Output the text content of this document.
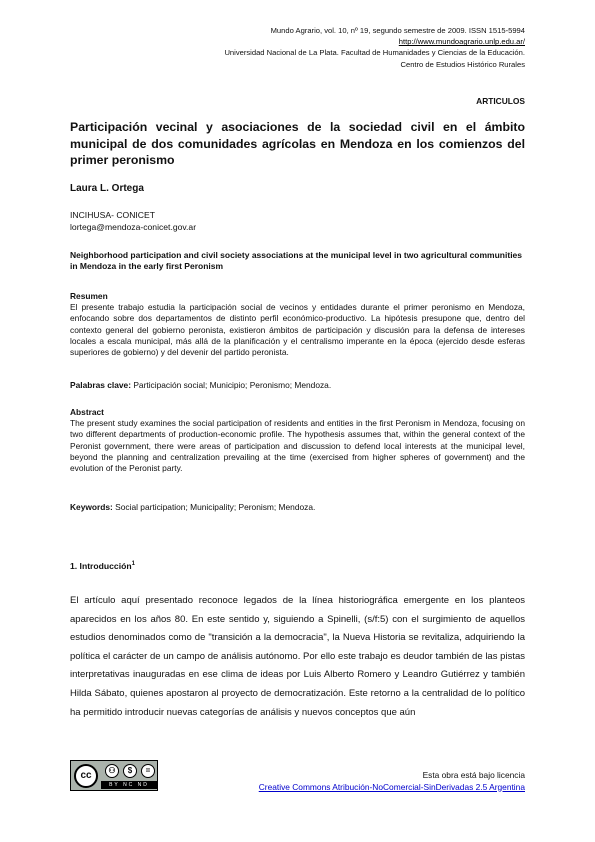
Mundo Agrario, vol. 10, nº 19, segundo semestre de 2009. ISSN 1515-5994
http://www.mundoagrario.unlp.edu.ar/
Universidad Nacional de La Plata. Facultad de Humanidades y Ciencias de la Educación.
Centro de Estudios Histórico Rurales
ARTICULOS
Participación vecinal y asociaciones de la sociedad civil en el ámbito municipal de dos comunidades agrícolas en Mendoza en los comienzos del primer peronismo
Laura L. Ortega
INCIHUSA- CONICET
lortega@mendoza-conicet.gov.ar
Neighborhood participation and civil society associations at the municipal level in two agricultural communities in Mendoza in the early first Peronism
Resumen
El presente trabajo estudia la participación social de vecinos y entidades durante el primer peronismo en Mendoza, enfocando sobre dos departamentos de distinto perfil económico-productivo. La hipótesis presupone que, dentro del contexto general del gobierno peronista, existieron ámbitos de participación y discusión para la defensa de intereses locales a escala municipal, más allá de la planificación y el centralismo imperante en la época (ejercido desde esferas superiores de gobierno) y del devenir del partido peronista.
Palabras clave: Participación social; Municipio; Peronismo; Mendoza.
Abstract
The present study examines the social participation of residents and entities in the first Peronism in Mendoza, focusing on two different departments of production-economic profile. The hypothesis assumes that, within the general context of the Peronist government, there were areas of participation and discussion to defend local interests at the municipal level, beyond the planning and centralization prevailing at the time (exercised from higher spheres of government) and the evolution of the Peronist party.
Keywords: Social participation; Municipality; Peronism; Mendoza.
1. Introducción$^1$
El artículo aquí presentado reconoce legados de la línea historiográfica emergente en los planteos aparecidos en los años 80. En este sentido y, siguiendo a Spinelli, (s/f:5) con el surgimiento de aquellos estudios denominados como de "transición a la democracia", la Nueva Historia se revitaliza, adquiriendo la política el carácter de un campo de análisis autónomo. Por ello este trabajo es deudor también de las pistas interpretativas inauguradas en ese clima de ideas por Luis Alberto Romero y Leandro Gutiérrez y también Hilda Sábato, quienes apostaron al proyecto de democratización. Este retorno a la centralidad de lo político ha permitido introducir nuevas categorías de análisis y nuevos conceptos que aún
cc	⚇	$	=
BY NC ND
Esta obra está bajo licencia
Creative Commons Atribución-NoComercial-SinDerivadas 2.5 Argentina
